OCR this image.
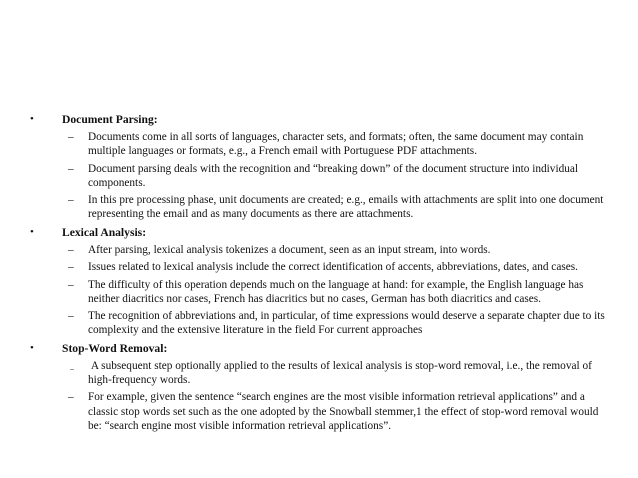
•	Document Parsing:
– Documents come in all sorts of languages, character sets, and formats; often, the same document may contain multiple languages or formats, e.g., a French email with Portuguese PDF attachments.
– Document parsing deals with the recognition and “breaking down” of the document structure into individual components.
– In this pre processing phase, unit documents are created; e.g., emails with attachments are split into one document representing the email and as many documents as there are attachments.
•	Lexical Analysis:
– After parsing, lexical analysis tokenizes a document, seen as an input stream, into words.
– Issues related to lexical analysis include the correct identification of accents, abbreviations, dates, and cases.
– The difficulty of this operation depends much on the language at hand: for example, the English language has neither diacritics nor cases, French has diacritics but no cases, German has both diacritics and cases.
– The recognition of abbreviations and, in particular, of time expressions would deserve a separate chapter due to its complexity and the extensive literature in the field For current approaches
•	Stop-Word Removal:
– A subsequent step optionally applied to the results of lexical analysis is stop-word removal, i.e., the removal of high-frequency words.
– For example, given the sentence “search engines are the most visible information retrieval applications” and a classic stop words set such as the one adopted by the Snowball stemmer,1 the effect of stop-word removal would be: “search engine most visible information retrieval applications”.
